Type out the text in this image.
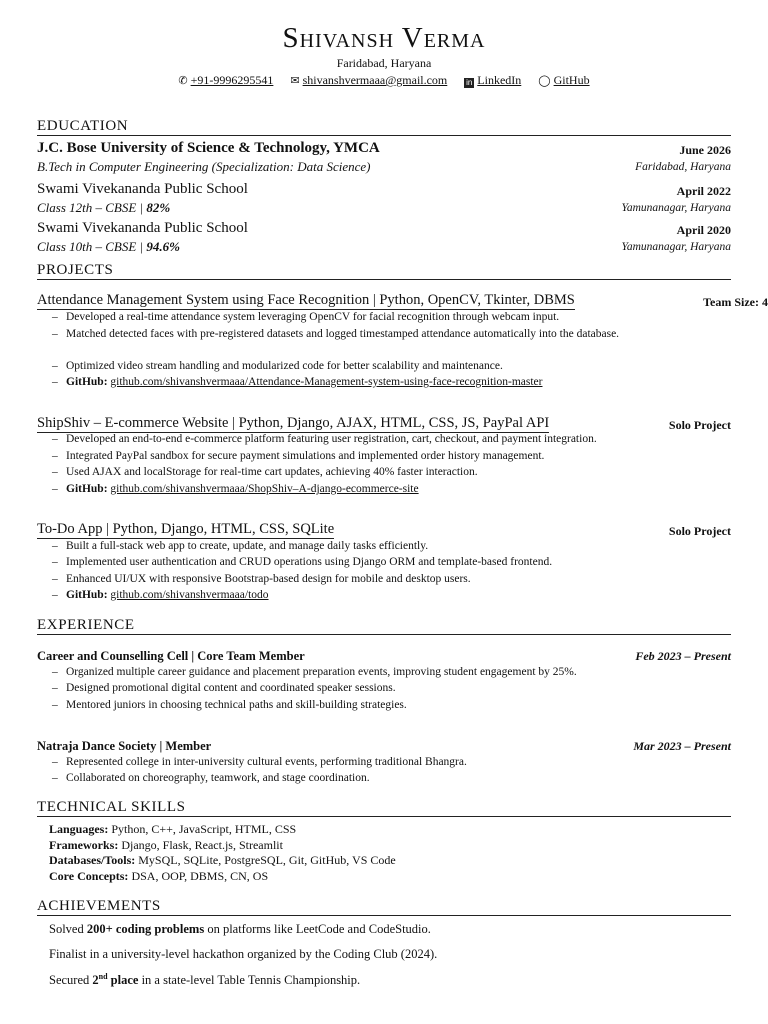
Shivansh Verma
Faridabad, Haryana
✆ +91-9996295541 ✉ shivanshvermaaa@gmail.com in LinkedIn ◯ GitHub
EDUCATION
J.C. Bose University of Science & Technology, YMCA	June 2026
B.Tech in Computer Engineering (Specialization: Data Science)	Faridabad, Haryana
Swami Vivekananda Public School	April 2022
Class 12th – CBSE | 82%	Yamunanagar, Haryana
Swami Vivekananda Public School	April 2020
Class 10th – CBSE | 94.6%	Yamunanagar, Haryana
PROJECTS
Attendance Management System using Face Recognition | Python, OpenCV, Tkinter, DBMS	Team Size: 4
– Developed a real-time attendance system leveraging OpenCV for facial recognition through webcam input.
– Matched detected faces with pre-registered datasets and logged timestamped attendance automatically into the database.
– Optimized video stream handling and modularized code for better scalability and maintenance.
– GitHub: github.com/shivanshvermaaa/Attendance-Management-system-using-face-recognition-master
ShipShiv – E-commerce Website | Python, Django, AJAX, HTML, CSS, JS, PayPal API	Solo Project
– Developed an end-to-end e-commerce platform featuring user registration, cart, checkout, and payment integration.
– Integrated PayPal sandbox for secure payment simulations and implemented order history management.
– Used AJAX and localStorage for real-time cart updates, achieving 40% faster interaction.
– GitHub: github.com/shivanshvermaaa/ShopShiv–A-django-ecommerce-site
To-Do App | Python, Django, HTML, CSS, SQLite	Solo Project
– Built a full-stack web app to create, update, and manage daily tasks efficiently.
– Implemented user authentication and CRUD operations using Django ORM and template-based frontend.
– Enhanced UI/UX with responsive Bootstrap-based design for mobile and desktop users.
– GitHub: github.com/shivanshvermaaa/todo
EXPERIENCE
Career and Counselling Cell | Core Team Member	Feb 2023 – Present
– Organized multiple career guidance and placement preparation events, improving student engagement by 25%.
– Designed promotional digital content and coordinated speaker sessions.
– Mentored juniors in choosing technical paths and skill-building strategies.
Natraja Dance Society | Member	Mar 2023 – Present
– Represented college in inter-university cultural events, performing traditional Bhangra.
– Collaborated on choreography, teamwork, and stage coordination.
TECHNICAL SKILLS
Languages: Python, C++, JavaScript, HTML, CSS
Frameworks: Django, Flask, React.js, Streamlit
Databases/Tools: MySQL, SQLite, PostgreSQL, Git, GitHub, VS Code
Core Concepts: DSA, OOP, DBMS, CN, OS
ACHIEVEMENTS
Solved 200+ coding problems on platforms like LeetCode and CodeStudio.
Finalist in a university-level hackathon organized by the Coding Club (2024).
Secured 2nd place in a state-level Table Tennis Championship.
